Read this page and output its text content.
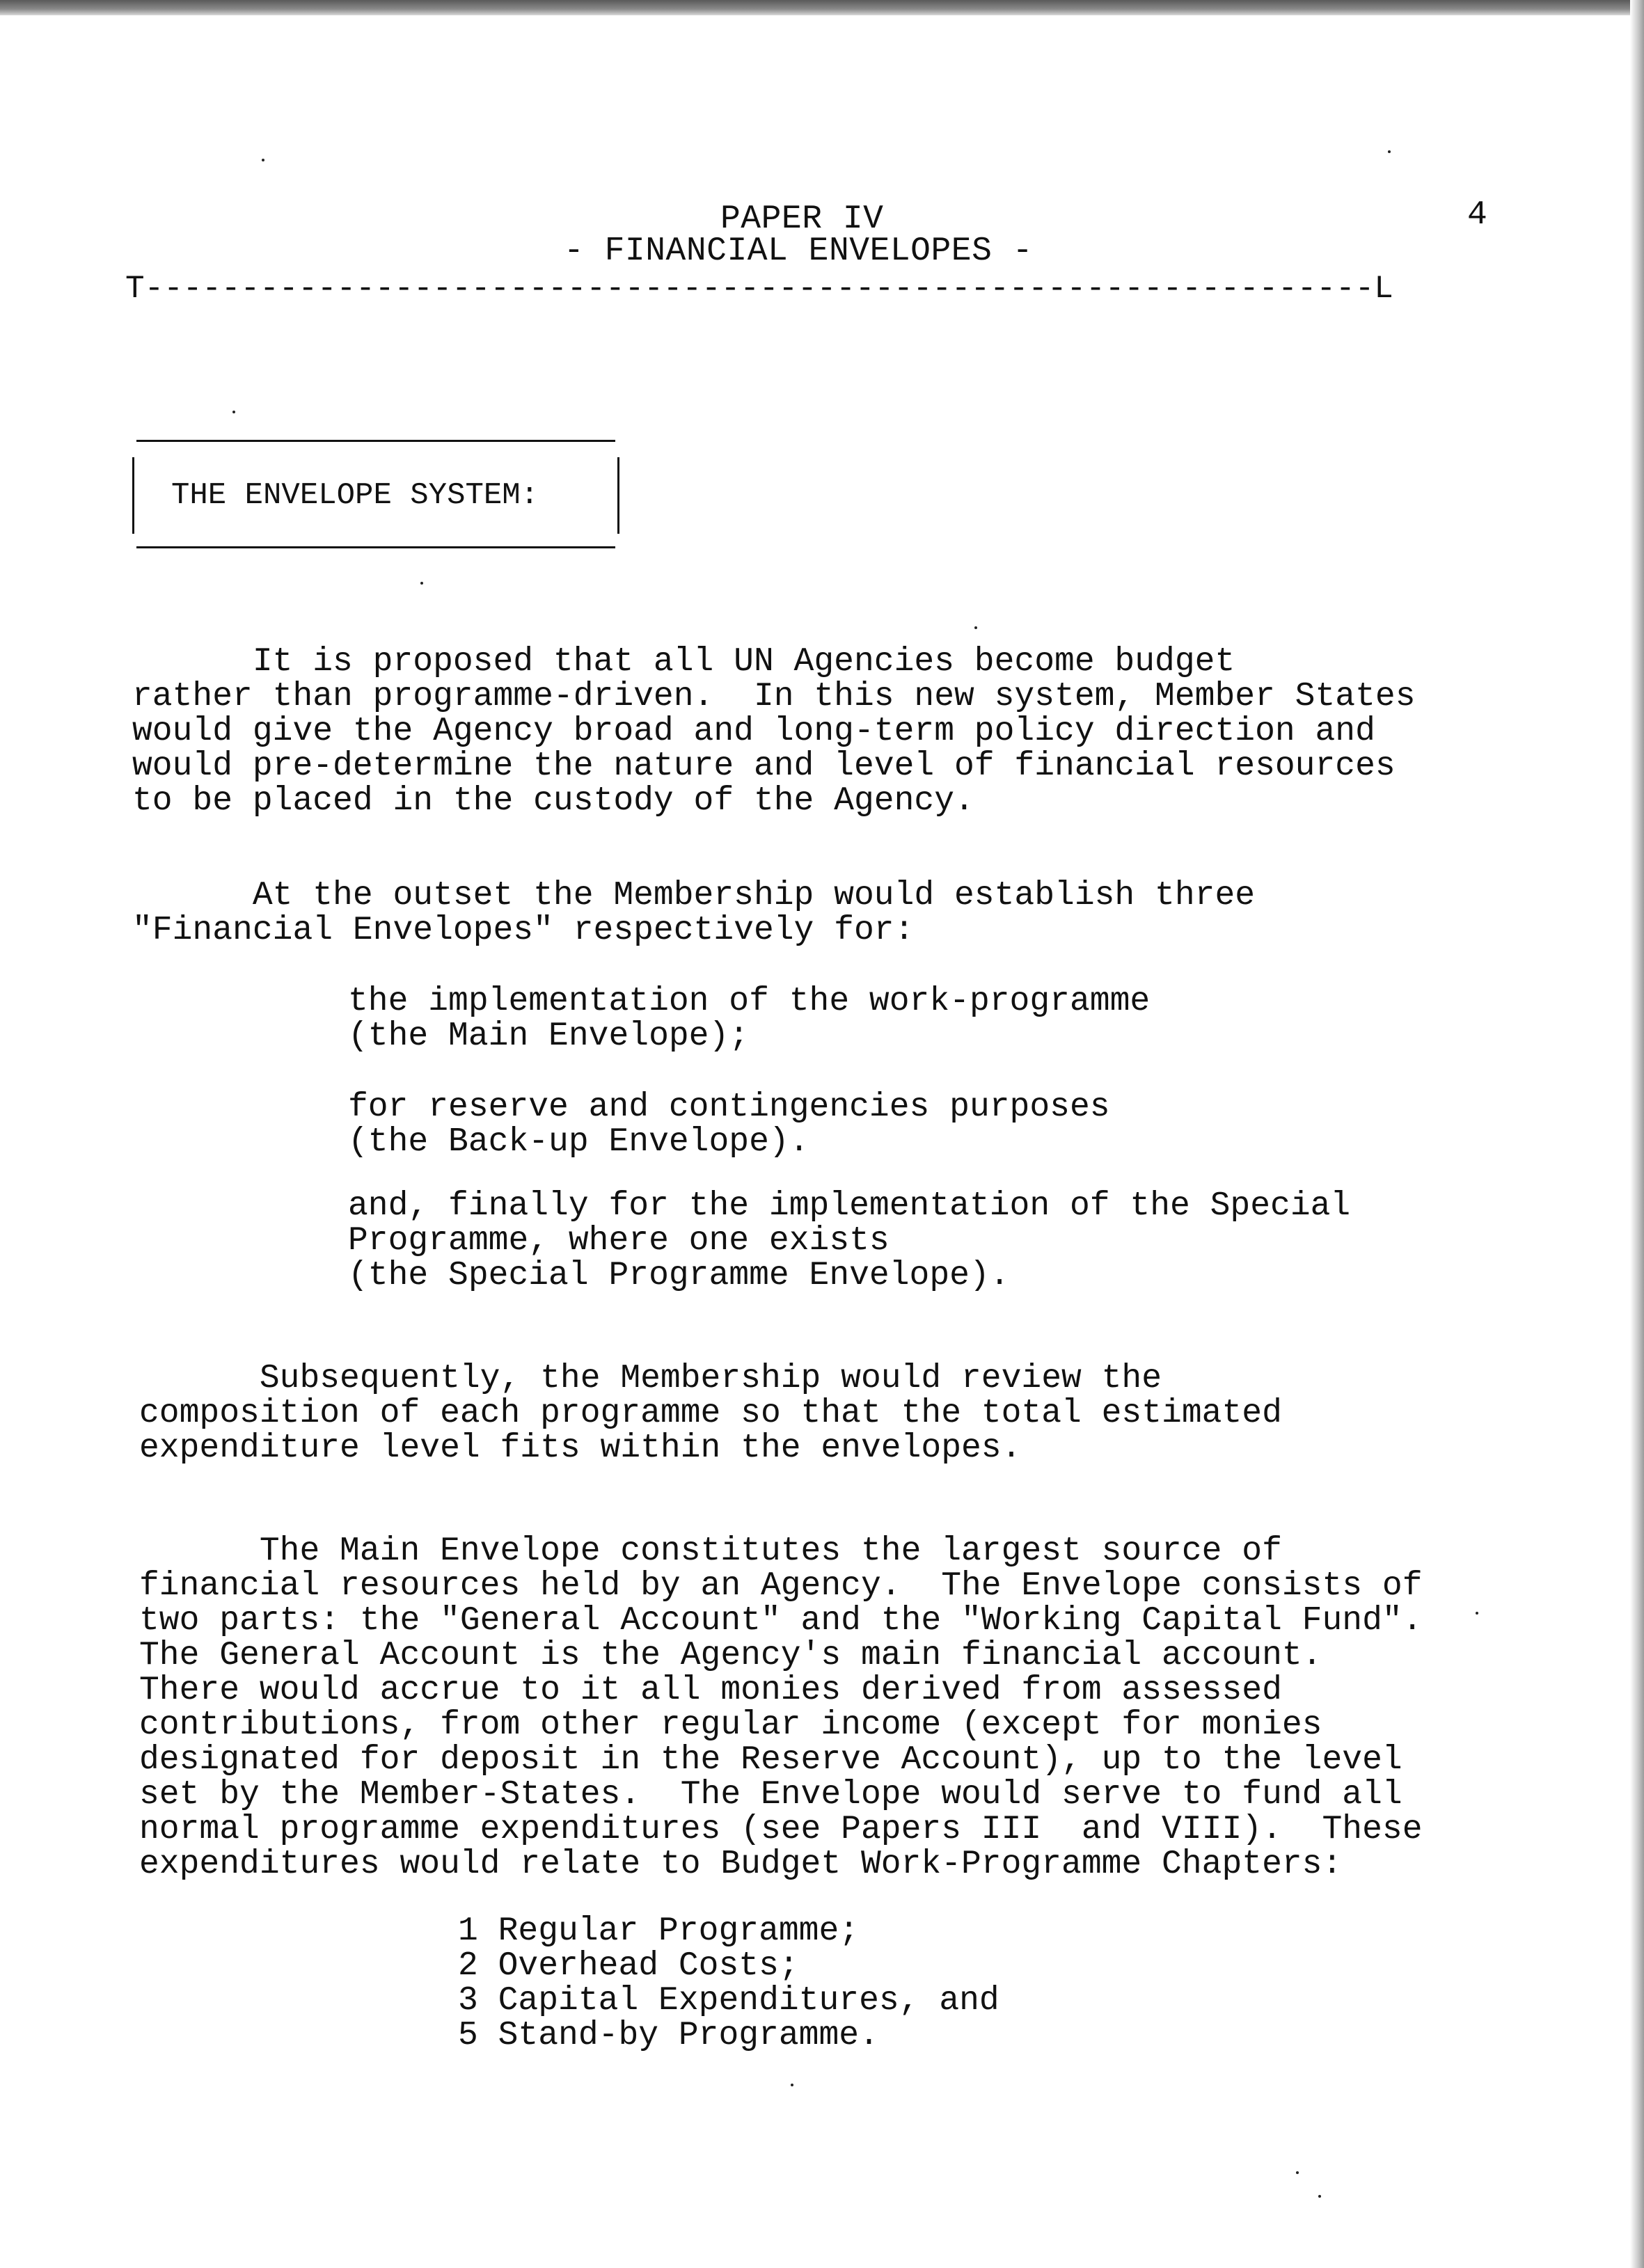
PAPER IV
- FINANCIAL ENVELOPES -
4
T----------------------------------------------------------------L
THE ENVELOPE SYSTEM:
It is proposed that all UN Agencies become budget
rather than programme-driven.  In this new system, Member States
would give the Agency broad and long-term policy direction and
would pre-determine the nature and level of financial resources
to be placed in the custody of the Agency.
At the outset the Membership would establish three
"Financial Envelopes" respectively for:
the implementation of the work-programme
(the Main Envelope);
for reserve and contingencies purposes
(the Back-up Envelope).
and, finally for the implementation of the Special
Programme, where one exists
(the Special Programme Envelope).
Subsequently, the Membership would review the
composition of each programme so that the total estimated
expenditure level fits within the envelopes.
The Main Envelope constitutes the largest source of
financial resources held by an Agency.  The Envelope consists of
two parts: the "General Account" and the "Working Capital Fund".
The General Account is the Agency's main financial account.
There would accrue to it all monies derived from assessed
contributions, from other regular income (except for monies
designated for deposit in the Reserve Account), up to the level
set by the Member-States.  The Envelope would serve to fund all
normal programme expenditures (see Papers III  and VIII).  These
expenditures would relate to Budget Work-Programme Chapters:
1 Regular Programme;
2 Overhead Costs;
3 Capital Expenditures, and
5 Stand-by Programme.
